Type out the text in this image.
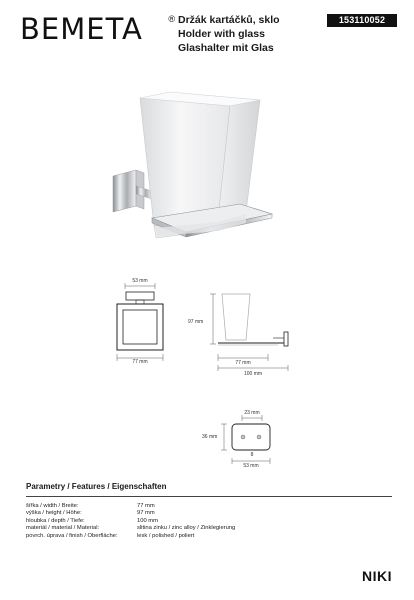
BEMETA	® Držák kartáčků, sklo
Holder with glass
Glashalter mit Glas
153110052
53 mm
77 mm
97 mm
77 mm
100 mm
23 mm
36 mm
8
53 mm
Parametry / Features / Eigenschaften
šířka / width / Breite:	77 mm
výška / height / Höhe:	97 mm
hloubka / depth / Tiefe:	100 mm
materiál / material / Material:	slitina zinku / zinc alloy / Zinklegierung
povrch. úprava / finish / Oberfläche:	lesk / polished / poliert
NIKI
